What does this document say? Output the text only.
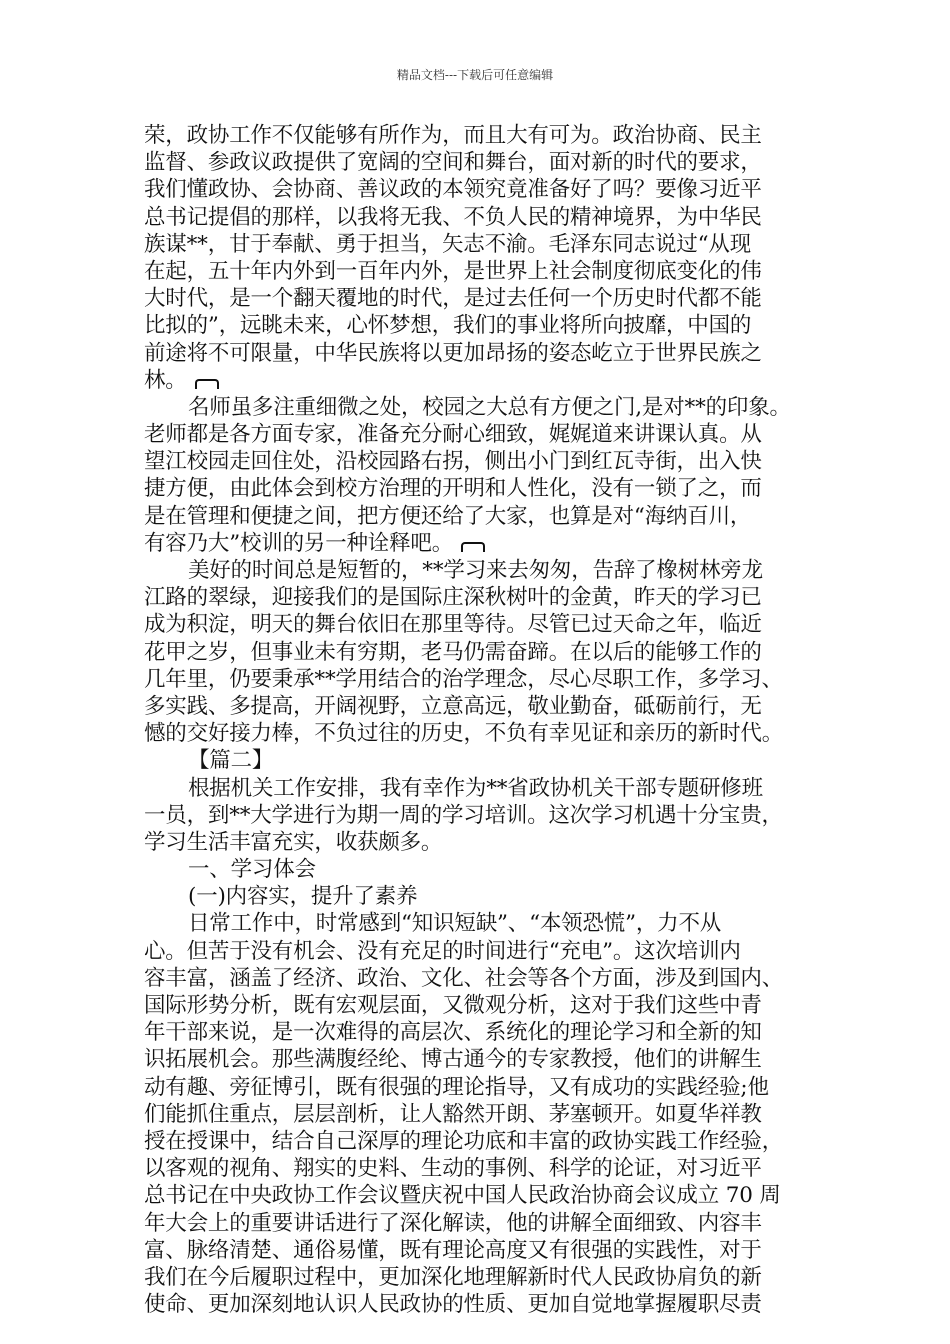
精品文档---下载后可任意编辑
荣，政协工作不仅能够有所作为，而且大有可为。政治协商、民主
监督、参政议政提供了宽阔的空间和舞台，面对新的时代的要求，
我们懂政协、会协商、善议政的本领究竟准备好了吗？要像习近平
总书记提倡的那样，以我将无我、不负人民的精神境界，为中华民
族谋**，甘于奉献、勇于担当，矢志不渝。毛泽东同志说过“从现
在起，五十年内外到一百年内外，是世界上社会制度彻底变化的伟
大时代，是一个翻天覆地的时代，是过去任何一个历史时代都不能
比拟的”，远眺未来，心怀梦想，我们的事业将所向披靡，中国的
前途将不可限量，中华民族将以更加昂扬的姿态屹立于世界民族之
林。
名师虽多注重细微之处，校园之大总有方便之门,是对**的印象。
老师都是各方面专家，准备充分耐心细致，娓娓道来讲课认真。从
望江校园走回住处，沿校园路右拐，侧出小门到红瓦寺街，出入快
捷方便，由此体会到校方治理的开明和人性化，没有一锁了之，而
是在管理和便捷之间，把方便还给了大家，也算是对“海纳百川，
有容乃大”校训的另一种诠释吧。
美好的时间总是短暂的，**学习来去匆匆，告辞了橡树林旁龙
江路的翠绿，迎接我们的是国际庄深秋树叶的金黄，昨天的学习已
成为积淀，明天的舞台依旧在那里等待。尽管已过天命之年，临近
花甲之岁，但事业未有穷期，老马仍需奋蹄。在以后的能够工作的
几年里，仍要秉承**学用结合的治学理念，尽心尽职工作，多学习、
多实践、多提高，开阔视野，立意高远，敬业勤奋，砥砺前行，无
憾的交好接力棒，不负过往的历史，不负有幸见证和亲历的新时代。
【篇二】
根据机关工作安排，我有幸作为**省政协机关干部专题研修班
一员，到**大学进行为期一周的学习培训。这次学习机遇十分宝贵，
学习生活丰富充实，收获颇多。
一、学习体会
(一)内容实，提升了素养
日常工作中，时常感到“知识短缺”、“本领恐慌”，力不从
心。但苦于没有机会、没有充足的时间进行“充电”。这次培训内
容丰富，涵盖了经济、政治、文化、社会等各个方面，涉及到国内、
国际形势分析，既有宏观层面，又微观分析，这对于我们这些中青
年干部来说，是一次难得的高层次、系统化的理论学习和全新的知
识拓展机会。那些满腹经纶、博古通今的专家教授，他们的讲解生
动有趣、旁征博引，既有很强的理论指导，又有成功的实践经验;他
们能抓住重点，层层剖析，让人豁然开朗、茅塞顿开。如夏华祥教
授在授课中，结合自己深厚的理论功底和丰富的政协实践工作经验，
以客观的视角、翔实的史料、生动的事例、科学的论证，对习近平
总书记在中央政协工作会议暨庆祝中国人民政治协商会议成立 70 周
年大会上的重要讲话进行了深化解读，他的讲解全面细致、内容丰
富、脉络清楚、通俗易懂，既有理论高度又有很强的实践性，对于
我们在今后履职过程中，更加深化地理解新时代人民政协肩负的新
使命、更加深刻地认识人民政协的性质、更加自觉地掌握履职尽责
